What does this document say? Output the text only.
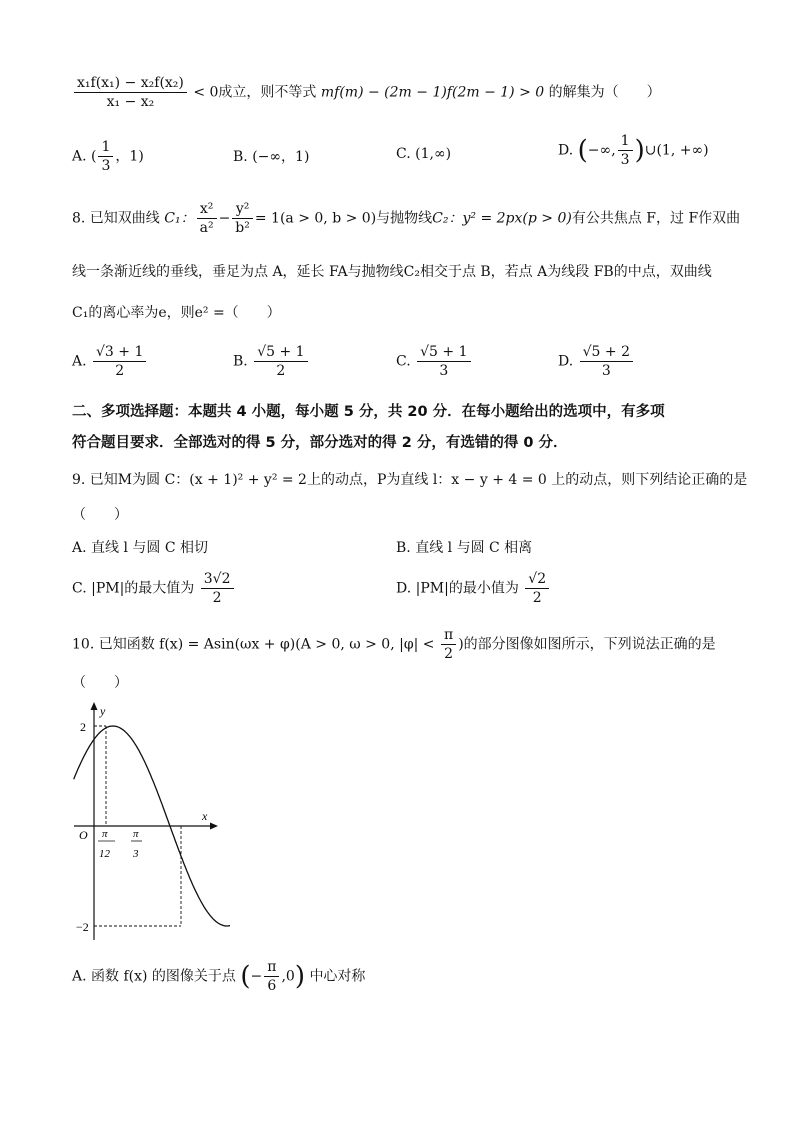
$\frac{\text{x₁f(x₁) − x₂f(x₂)}}{\text{x₁ − x₂}} < 0$成立，则不等式 mf(m) − (2m − 1)f(2m − 1) > 0 的解集为（　　）
A. ( $\frac{1}{3}$ ，1)	B. (−∞，1)	C. (1,∞)	D. (−∞, $\frac{1}{3}$ )∪(1, +∞)
8. 已知双曲线 C₁： $\frac{\text{x²}}{\text{a²}} - \frac{\text{y²}}{\text{b²}} = 1(a > 0$, b > 0)与抛物线C₂：y² = 2px(p > 0)有公共焦点 F，过 F作双曲
线一条渐近线的垂线，垂足为点 A，延长 FA与抛物线C₂相交于点 B，若点 A为线段 FB的中点，双曲线
C₁的离心率为e，则e² =（　　）
A. $\frac{√3 + 1}{2}$	B. $\frac{√5 + 1}{2}$	C. $\frac{√5 + 1}{3}$	D. $\frac{√5 + 2}{3}$
二、多项选择题：本题共 4 小题，每小题 5 分，共 20 分．在每小题给出的选项中，有多项
符合题目要求．全部选对的得 5 分，部分选对的得 2 分，有选错的得 0 分．
9. 已知M为圆 C：(x + 1)² + y² = 2上的动点，P为直线 l：x − y + 4 = 0 上的动点，则下列结论正确的是
（　　）
A. 直线 l 与圆 C 相切	B. 直线 l 与圆 C 相离
C. |PM|的最大值为 $\frac{3√2}{2}$	D. |PM|的最小值为 $\frac{√2}{2}$
10. 已知函数 f(x) = Asin(ωx + φ)(A > 0, ω > 0, $|\varphi| < \frac{\pi}{2}$ )的部分图像如图所示，下列说法正确的是
（　　）
y
x
O
2
−2
π
12
π
3
A. 函数 f(x) 的图像关于点 (− $\frac{\pi}{6} ,0$) 中心对称
